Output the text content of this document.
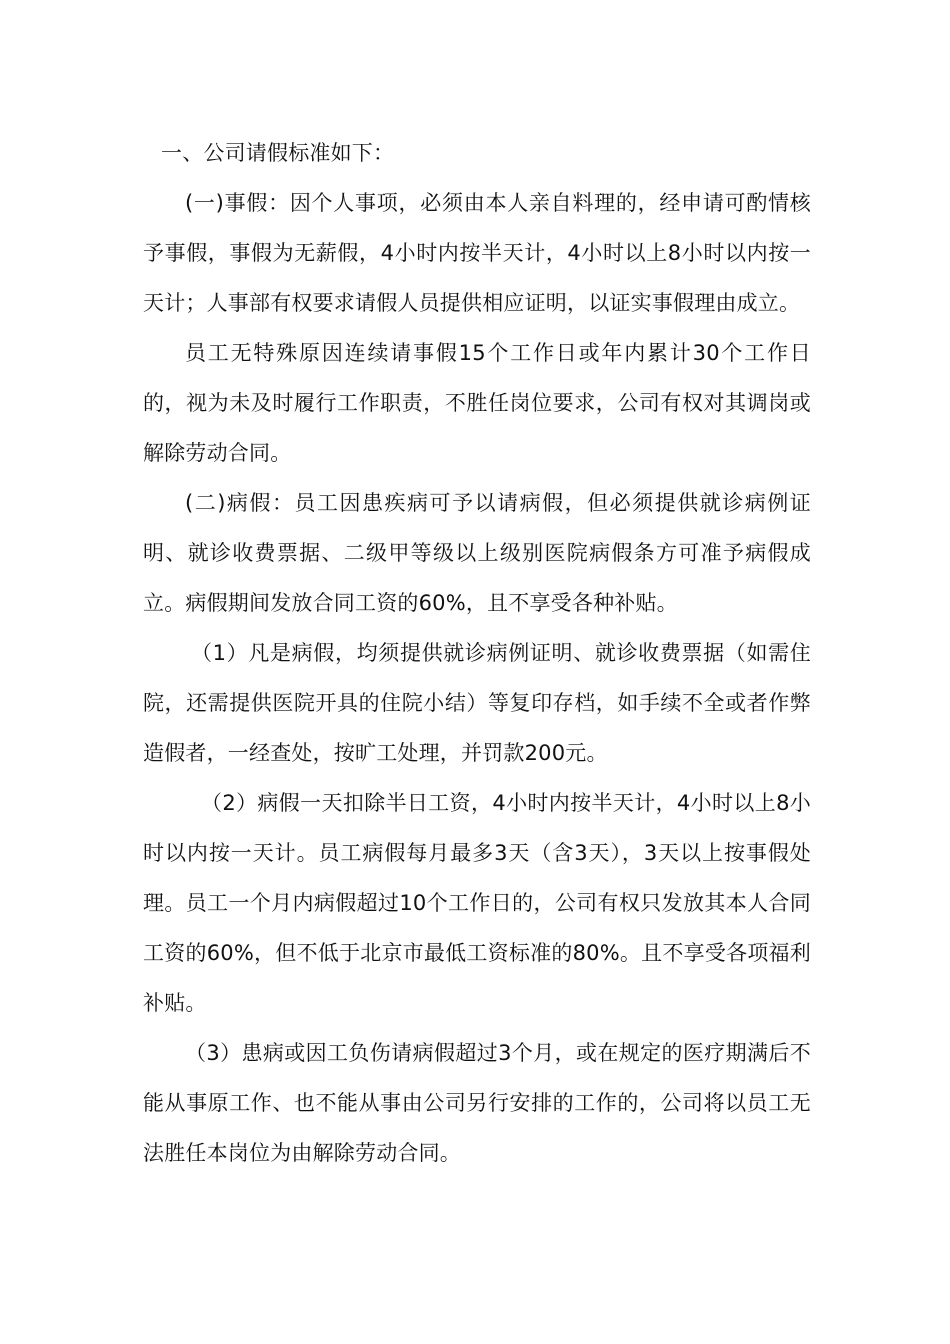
一、公司请假标准如下：

(一)事假：因个人事项，必须由本人亲自料理的，经申请可酌情核予事假，事假为无薪假，4小时内按半天计，4小时以上8小时以内按一天计；人事部有权要求请假人员提供相应证明，以证实事假理由成立。

员工无特殊原因连续请事假15个工作日或年内累计30个工作日的，视为未及时履行工作职责，不胜任岗位要求，公司有权对其调岗或解除劳动合同。

(二)病假：员工因患疾病可予以请病假，但必须提供就诊病例证明、就诊收费票据、二级甲等级以上级别医院病假条方可准予病假成立。病假期间发放合同工资的60%，且不享受各种补贴。

（1）凡是病假，均须提供就诊病例证明、就诊收费票据（如需住院，还需提供医院开具的住院小结）等复印存档，如手续不全或者作弊造假者，一经查处，按旷工处理，并罚款200元。

（2）病假一天扣除半日工资，4小时内按半天计，4小时以上8小时以内按一天计。员工病假每月最多3天（含3天），3天以上按事假处理。员工一个月内病假超过10个工作日的，公司有权只发放其本人合同工资的60%，但不低于北京市最低工资标准的80%。且不享受各项福利补贴。

（3）患病或因工负伤请病假超过3个月，或在规定的医疗期满后不能从事原工作、也不能从事由公司另行安排的工作的，公司将以员工无法胜任本岗位为由解除劳动合同。
